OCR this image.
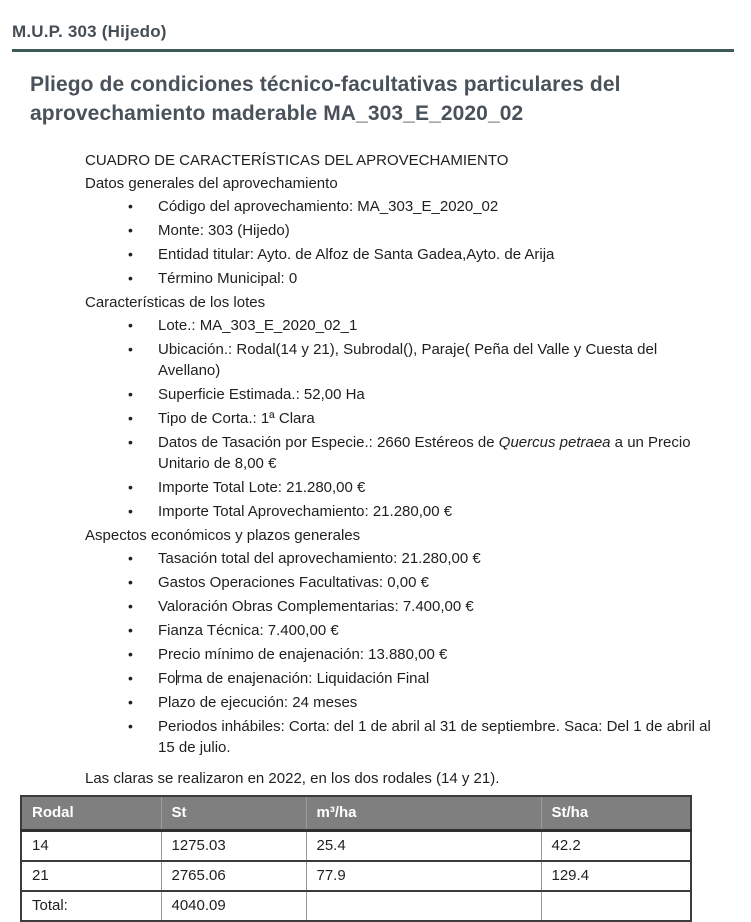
M.U.P. 303 (Hijedo)
Pliego de condiciones técnico-facultativas particulares del aprovechamiento maderable MA_303_E_2020_02
CUADRO DE CARACTERÍSTICAS DEL APROVECHAMIENTO
Datos generales del aprovechamiento
•	Código del aprovechamiento: MA_303_E_2020_02
•	Monte: 303 (Hijedo)
•	Entidad titular: Ayto. de Alfoz de Santa Gadea,Ayto. de Arija
•	Término Municipal: 0
Características de los lotes
•	Lote.: MA_303_E_2020_02_1
•	Ubicación.: Rodal(14 y 21), Subrodal(), Paraje( Peña del Valle y Cuesta del Avellano)
•	Superficie Estimada.: 52,00 Ha
•	Tipo de Corta.: 1ª Clara
•	Datos de Tasación por Especie.: 2660 Estéreos de Quercus petraea a un Precio Unitario de 8,00 €
•	Importe Total Lote: 21.280,00 €
•	Importe Total Aprovechamiento: 21.280,00 €
Aspectos económicos y plazos generales
•	Tasación total del aprovechamiento: 21.280,00 €
•	Gastos Operaciones Facultativas: 0,00 €
•	Valoración Obras Complementarias: 7.400,00 €
•	Fianza Técnica: 7.400,00 €
•	Precio mínimo de enajenación: 13.880,00 €
•	Forma de enajenación: Liquidación Final
•	Plazo de ejecución: 24 meses
•	Periodos inhábiles: Corta: del 1 de abril al 31 de septiembre. Saca: Del 1 de abril al 15 de julio.
Las claras se realizaron en 2022, en los dos rodales (14 y 21).
Rodal	St	m³/ha	St/ha
14	1275.03	25.4	42.2
21	2765.06	77.9	129.4
Total:	4040.09		
